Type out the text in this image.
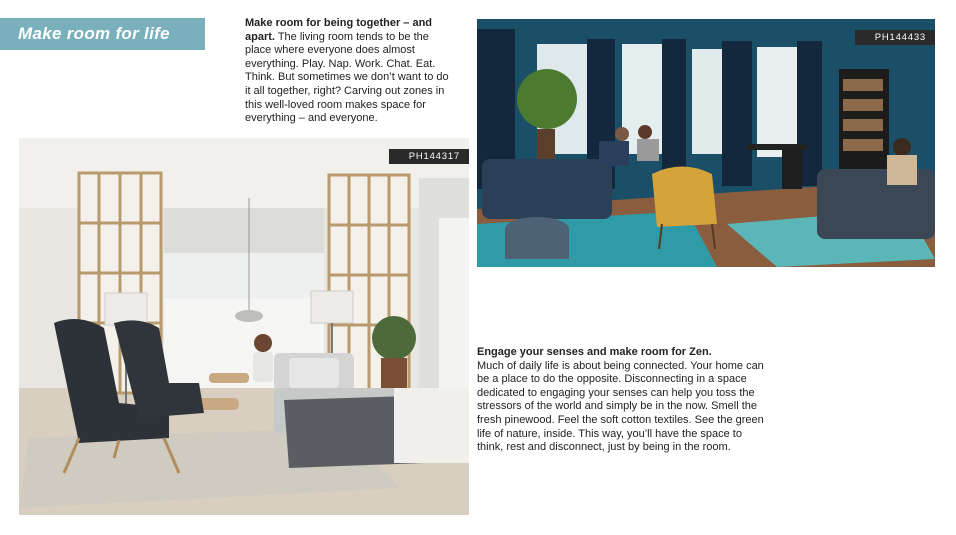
Make room for life
Make room for being together – and apart. The living room tends to be the place where everyone does almost everything. Play. Nap. Work. Chat. Eat. Think. But sometimes we don’t want to do it all together, right? Carving out zones in this well-loved room makes space for everything – and everyone.
PH144317
PH144433
Engage your senses and make room for Zen.
Much of daily life is about being connected. Your home can be a place to do the opposite. Disconnecting in a space dedicated to engaging your senses can help you toss the stressors of the world and simply be in the now. Smell the fresh pinewood. Feel the soft cotton textiles. See the green life of nature, inside. This way, you’ll have the space to think, rest and disconnect, just by being in the room.
